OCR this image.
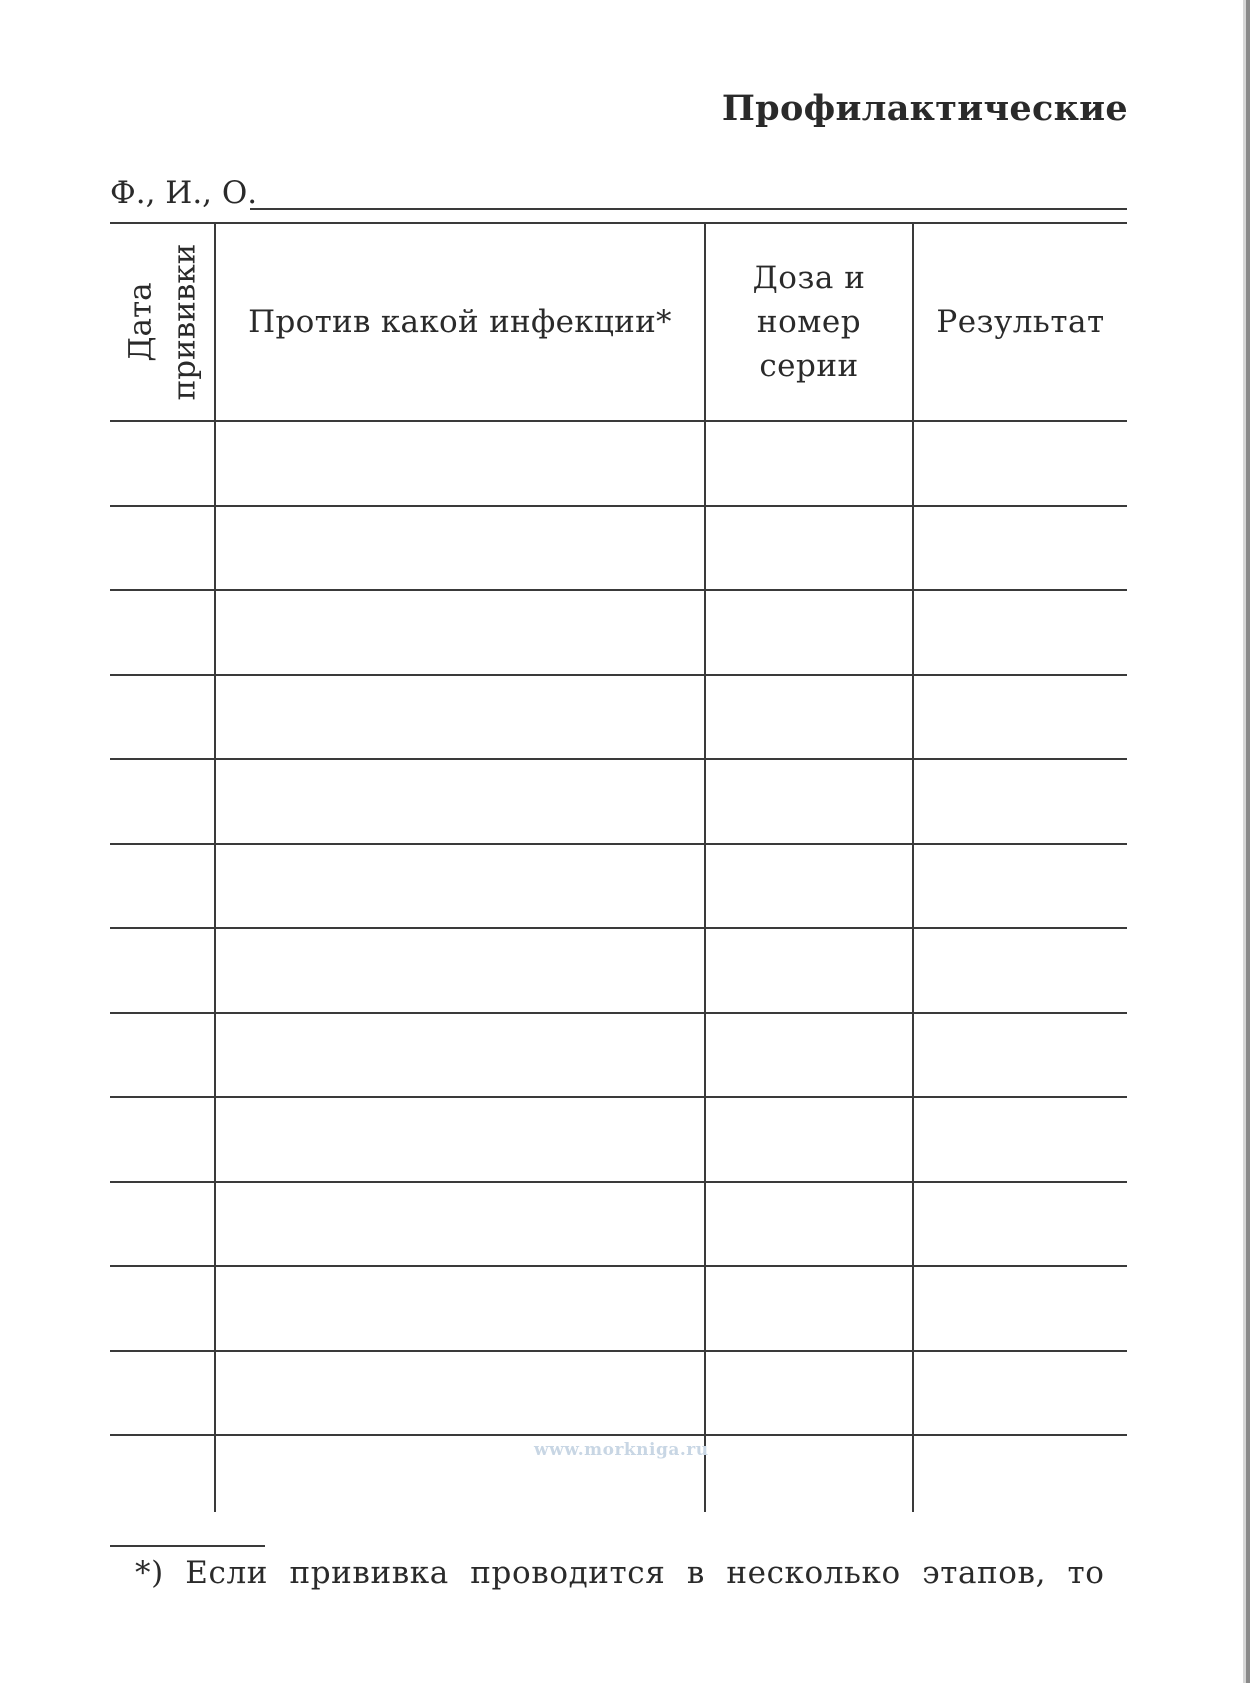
Профилактические
Ф., И., О.
Дата прививки	Против какой инфекции*
Доза и
номер
серии
Результат
www.morkniga.ru
*) Если прививка проводится в несколько этапов, то
